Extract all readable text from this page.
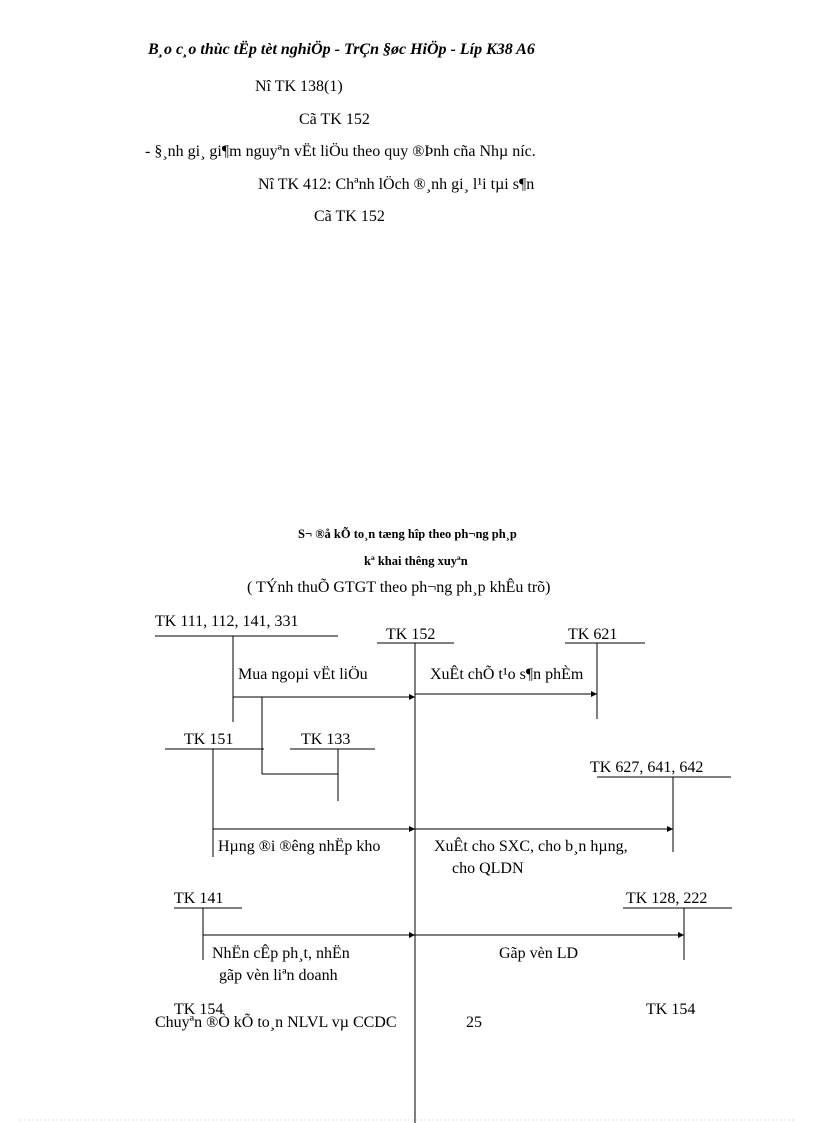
B¸o c¸o thùc tËp tèt nghiÖp - TrÇn §øc HiÖp - Líp K38 A6
Nî TK 138(1)
Cã TK 152
- §¸nh gi¸ gi¶m nguyªn vËt liÖu theo quy ®Þnh cña Nhµ níc.
Nî TK 412: Chªnh lÖch ®¸nh gi¸ l¹i tµi s¶n
Cã TK 152
S¬ ®å kÕ to¸n tæng hîp theo ph¬ng ph¸p
kª khai thêng xuyªn
( TÝnh thuÕ GTGT theo ph¬ng ph¸p khÊu trõ)
TK 111, 112, 141, 331
TK 152	TK 621
TK 151	TK 133
TK 627, 641, 642
TK 141	TK 128, 222
TK 154	TK 154
Mua ngoµi vËt liÖu	XuÊt chÕ t¹o s¶n phÈm
Hµng ®i ®êng nhËp kho	XuÊt cho SXC, cho b¸n hµng,
cho QLDN
NhËn cÊp ph¸t, nhËn
gãp vèn liªn doanh
Gãp vèn LD
Chuyªn ®Ò kÕ to¸n NLVL vµ CCDC	25
